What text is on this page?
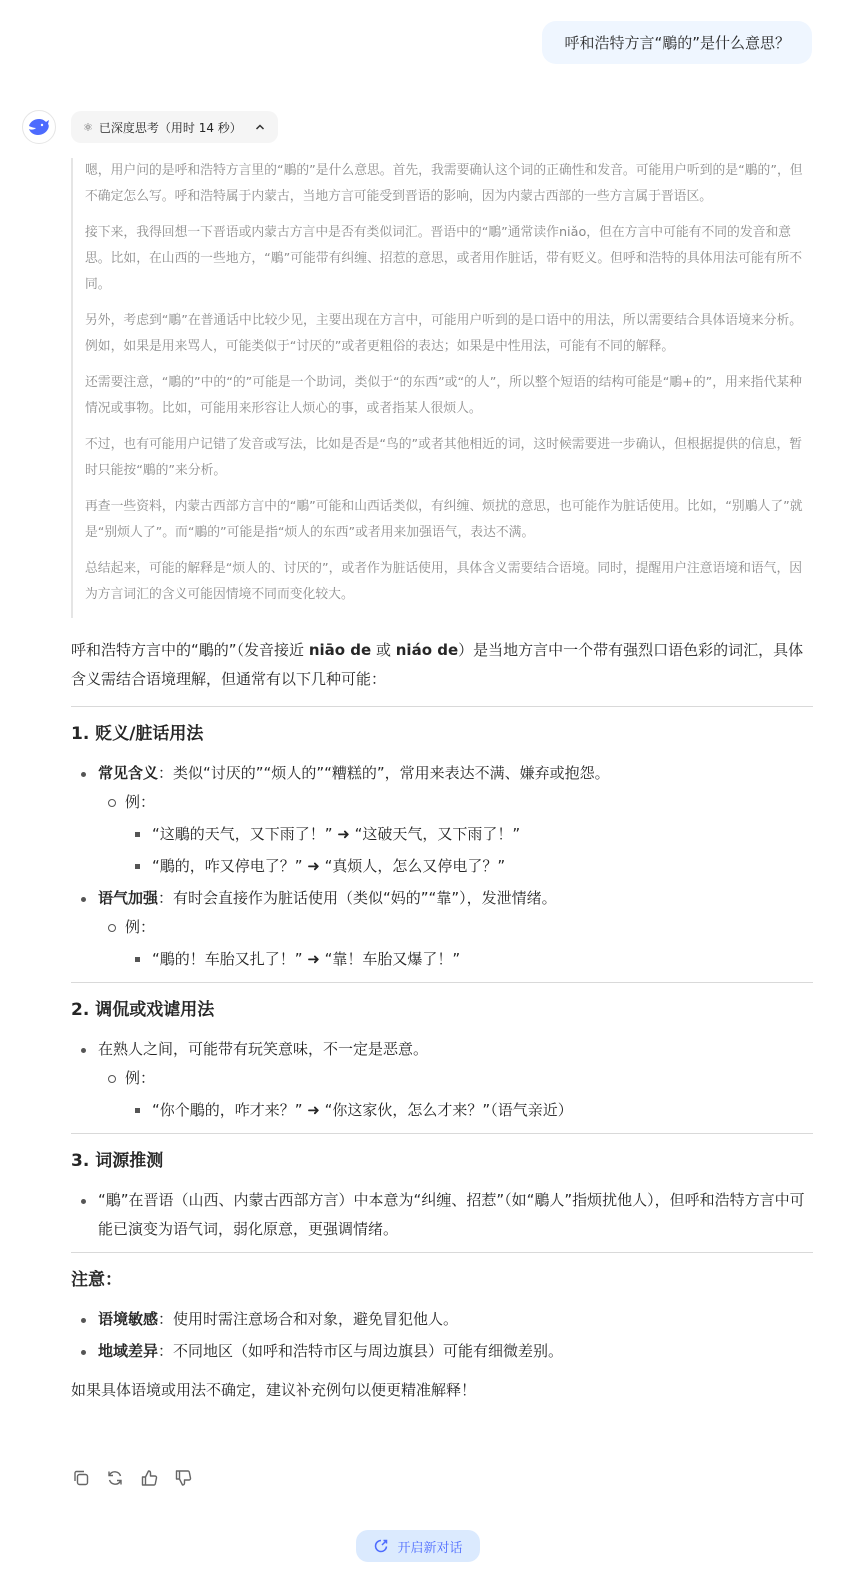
呼和浩特方言“鵰的”是什么意思？
⚛ 已深度思考（用时 14 秒）

嗯，用户问的是呼和浩特方言里的“鵰的”是什么意思。首先，我需要确认这个词的正确性和发音。可能用户听到的是“鵰的”，但不确定怎么写。呼和浩特属于内蒙古，当地方言可能受到晋语的影响，因为内蒙古西部的一些方言属于晋语区。

接下来，我得回想一下晋语或内蒙古方言中是否有类似词汇。晋语中的“鵰”通常读作niǎo，但在方言中可能有不同的发音和意思。比如，在山西的一些地方，“鵰”可能带有纠缠、招惹的意思，或者用作脏话，带有贬义。但呼和浩特的具体用法可能有所不同。

另外，考虑到“鵰”在普通话中比较少见，主要出现在方言中，可能用户听到的是口语中的用法，所以需要结合具体语境来分析。例如，如果是用来骂人，可能类似于“讨厌的”或者更粗俗的表达；如果是中性用法，可能有不同的解释。

还需要注意，“鵰的”中的“的”可能是一个助词，类似于“的东西”或“的人”，所以整个短语的结构可能是“鵰+的”，用来指代某种情况或事物。比如，可能用来形容让人烦心的事，或者指某人很烦人。

不过，也有可能用户记错了发音或写法，比如是否是“鸟的”或者其他相近的词，这时候需要进一步确认，但根据提供的信息，暂时只能按“鵰的”来分析。

再查一些资料，内蒙古西部方言中的“鵰”可能和山西话类似，有纠缠、烦扰的意思，也可能作为脏话使用。比如，“别鵰人了”就是“别烦人了”。而“鵰的”可能是指“烦人的东西”或者用来加强语气，表达不满。

总结起来，可能的解释是“烦人的、讨厌的”，或者作为脏话使用，具体含义需要结合语境。同时，提醒用户注意语境和语气，因为方言词汇的含义可能因情境不同而变化较大。

呼和浩特方言中的“鵰的”（发音接近 niāo de 或 niáo de）是当地方言中一个带有强烈口语色彩的词汇，具体含义需结合语境理解，但通常有以下几种可能：

1. 贬义/脏话用法
常见含义：类似“讨厌的”“烦人的”“糟糕的”，常用来表达不满、嫌弃或抱怨。
例：
“这鵰的天气，又下雨了！” ➜ “这破天气，又下雨了！”
“鵰的，咋又停电了？” ➜ “真烦人，怎么又停电了？”
语气加强：有时会直接作为脏话使用（类似“妈的”“靠”），发泄情绪。
例：
“鵰的！车胎又扎了！” ➜ “靠！车胎又爆了！”
2. 调侃或戏谑用法
在熟人之间，可能带有玩笑意味，不一定是恶意。
例：
“你个鵰的，咋才来？” ➜ “你这家伙，怎么才来？”（语气亲近）
3. 词源推测
“鵰”在晋语（山西、内蒙古西部方言）中本意为“纠缠、招惹”（如“鵰人”指烦扰他人），但呼和浩特方言中可能已演变为语气词，弱化原意，更强调情绪。
注意：
语境敏感：使用时需注意场合和对象，避免冒犯他人。
地域差异：不同地区（如呼和浩特市区与周边旗县）可能有细微差别。

如果具体语境或用法不确定，建议补充例句以便更精准解释！

开启新对话
